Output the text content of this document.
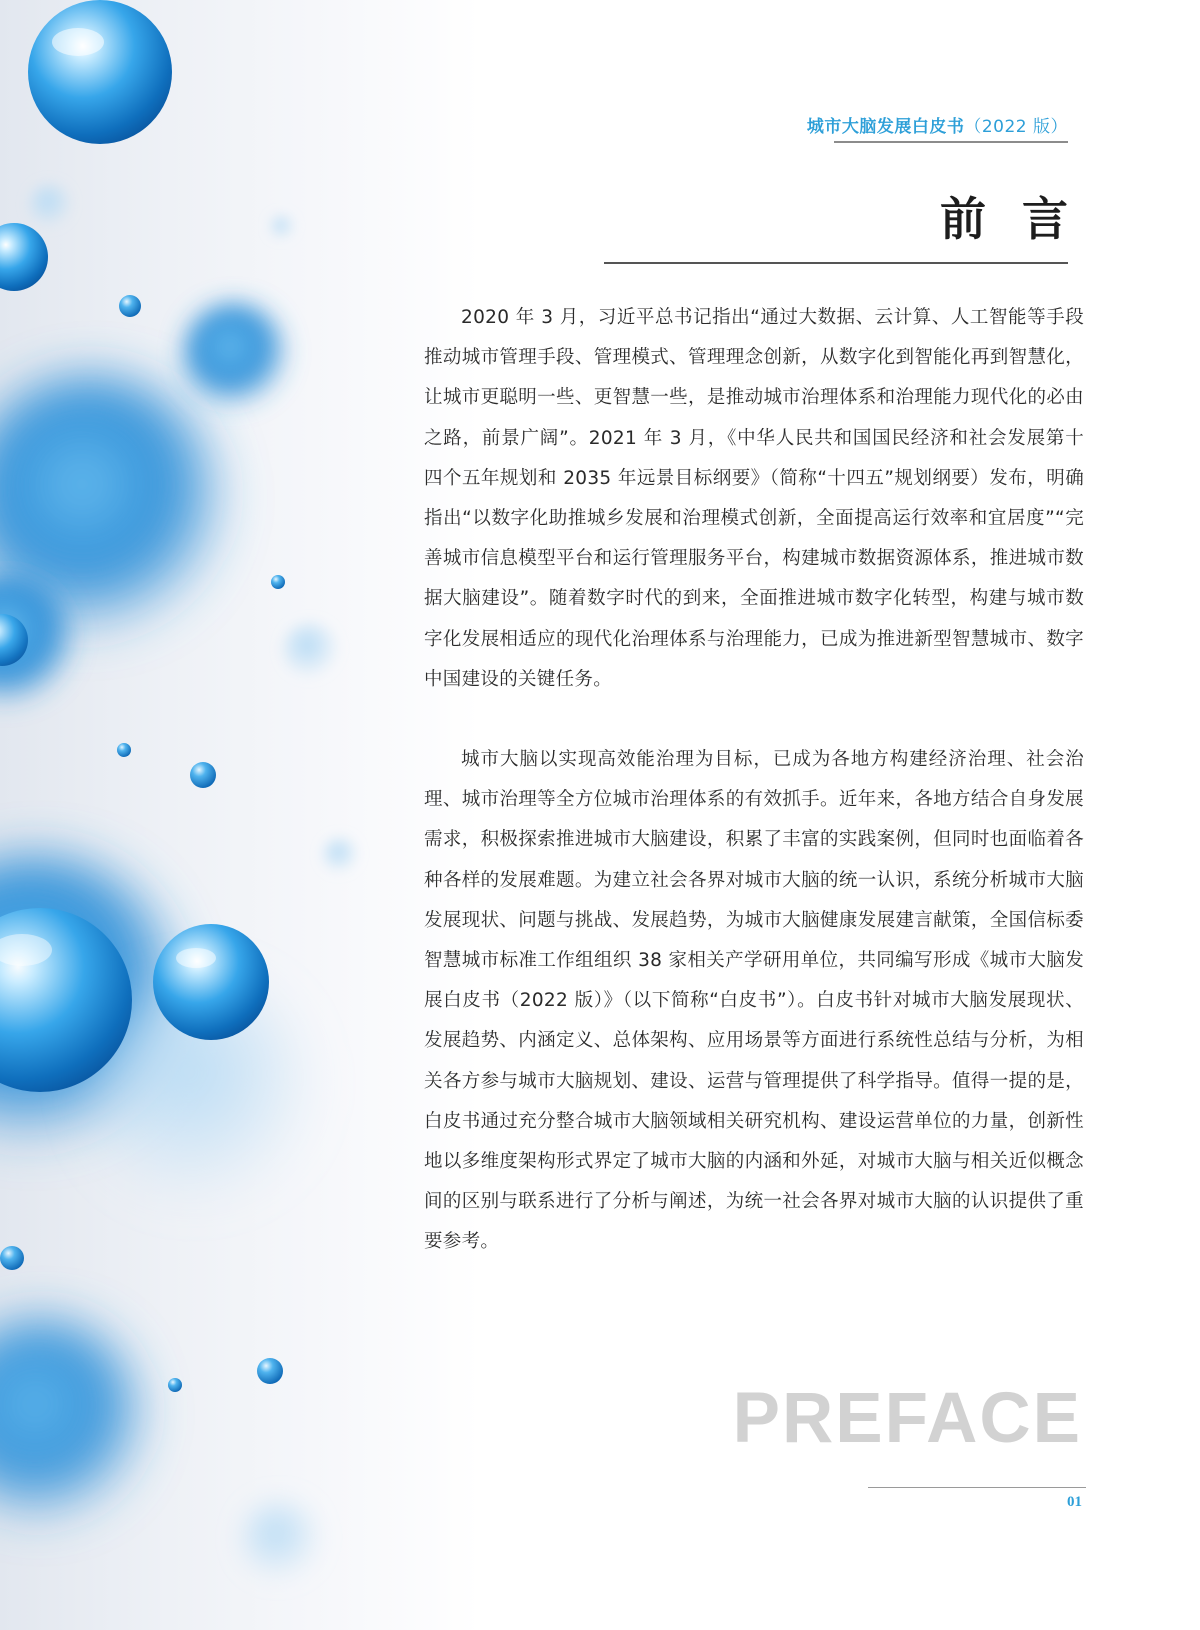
城市大脑发展白皮书（2022 版）
前 言

2020 年 3 月，习近平总书记指出“通过大数据、云计算、人工智能等手段推动城市管理手段、管理模式、管理理念创新，从数字化到智能化再到智慧化，让城市更聪明一些、更智慧一些，是推动城市治理体系和治理能力现代化的必由之路，前景广阔”。2021 年 3 月，《中华人民共和国国民经济和社会发展第十四个五年规划和 2035 年远景目标纲要》（简称“十四五”规划纲要）发布，明确指出“以数字化助推城乡发展和治理模式创新，全面提高运行效率和宜居度”“完善城市信息模型平台和运行管理服务平台，构建城市数据资源体系，推进城市数据大脑建设”。随着数字时代的到来，全面推进城市数字化转型，构建与城市数字化发展相适应的现代化治理体系与治理能力，已成为推进新型智慧城市、数字中国建设的关键任务。

城市大脑以实现高效能治理为目标，已成为各地方构建经济治理、社会治理、城市治理等全方位城市治理体系的有效抓手。近年来，各地方结合自身发展需求，积极探索推进城市大脑建设，积累了丰富的实践案例，但同时也面临着各种各样的发展难题。为建立社会各界对城市大脑的统一认识，系统分析城市大脑发展现状、问题与挑战、发展趋势，为城市大脑健康发展建言献策，全国信标委智慧城市标准工作组组织 38 家相关产学研用单位，共同编写形成《城市大脑发展白皮书（2022 版）》（以下简称“白皮书”）。白皮书针对城市大脑发展现状、发展趋势、内涵定义、总体架构、应用场景等方面进行系统性总结与分析，为相关各方参与城市大脑规划、建设、运营与管理提供了科学指导。值得一提的是，白皮书通过充分整合城市大脑领域相关研究机构、建设运营单位的力量，创新性地以多维度架构形式界定了城市大脑的内涵和外延，对城市大脑与相关近似概念间的区别与联系进行了分析与阐述，为统一社会各界对城市大脑的认识提供了重要参考。

PREFACE
01
